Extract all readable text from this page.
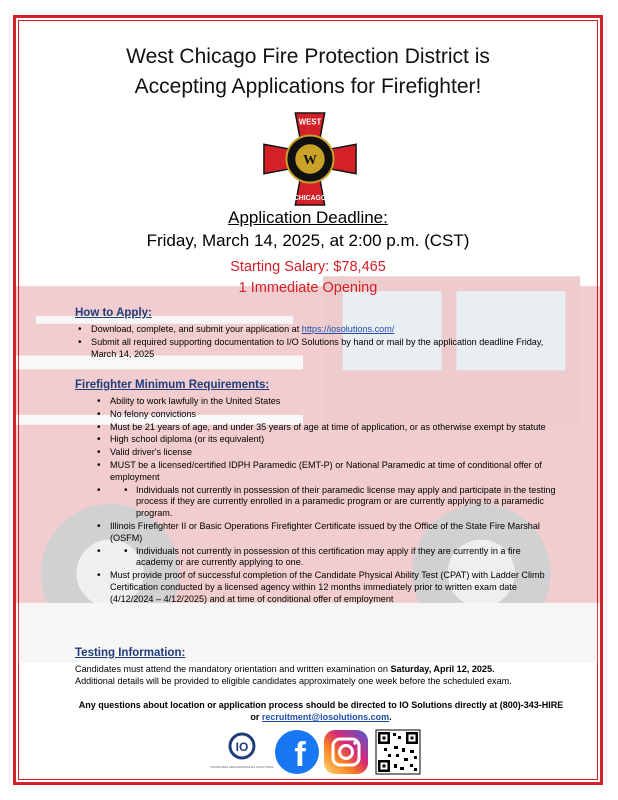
West Chicago Fire Protection District is
Accepting Applications for Firefighter!
WEST
CHICAGO
W
Application Deadline:
Friday, March 14, 2025, at 2:00 p.m. (CST)
Starting Salary: $78,465
1 Immediate Opening
How to Apply:
• Download, complete, and submit your application at https://iosolutions.com/
• Submit all required supporting documentation to I/O Solutions by hand or mail by the application deadline Friday, March 14, 2025
Firefighter Minimum Requirements:
• Ability to work lawfully in the United States
• No felony convictions
• Must be 21 years of age, and under 35 years of age at time of application, or as otherwise exempt by statute
• High school diploma (or its equivalent)
• Valid driver's license
• MUST be a licensed/certified IDPH Paramedic (EMT-P) or National Paramedic at time of conditional offer of employment
• • Individuals not currently in possession of their paramedic license may apply and participate in the testing process if they are currently enrolled in a paramedic program or are currently applying to a paramedic program.
• Illinois Firefighter II or Basic Operations Firefighter Certificate issued by the Office of the State Fire Marshal (OSFM)
• • Individuals not currently in possession of this certification may apply if they are currently in a fire academy or are currently applying to one.
• Must provide proof of successful completion of the Candidate Physical Ability Test (CPAT) with Ladder Climb Certification conducted by a licensed agency within 12 months immediately prior to written exam date (4/12/2024 – 4/12/2025) and at time of conditional offer of employment
Testing Information:
Candidates must attend the mandatory orientation and written examination on Saturday, April 12, 2025.
Additional details will be provided to eligible candidates approximately one week before the scheduled exam.
Any questions about location or application process should be directed to IO Solutions directly at (800)-343-HIRE
or recruitment@iosolutions.com.
IO
INDUSTRIAL ORGANIZATIONAL SOLUTIONS f
